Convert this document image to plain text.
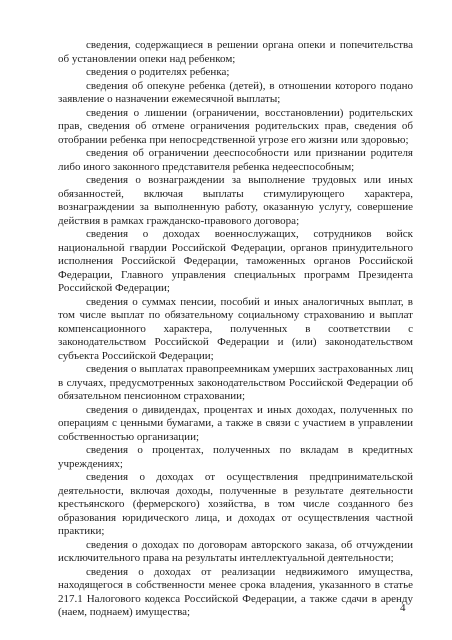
сведения, содержащиеся в решении органа опеки и попечительства об установлении опеки над ребенком;

сведения о родителях ребенка;

сведения об опекуне ребенка (детей), в отношении которого подано заявление о назначении ежемесячной выплаты;

сведения о лишении (ограничении, восстановлении) родительских прав, сведения об отмене ограничения родительских прав, сведения об отобрании ребенка при непосредственной угрозе его жизни или здоровью;

сведения об ограничении дееспособности или признании родителя либо иного законного представителя ребенка недееспособным;

сведения о вознаграждении за выполнение трудовых или иных обязанностей, включая выплаты стимулирующего характера, вознаграждении за выполненную работу, оказанную услугу, совершение действия в рамках гражданско-правового договора;

сведения о доходах военнослужащих, сотрудников войск национальной гвардии Российской Федерации, органов принудительного исполнения Российской Федерации, таможенных органов Российской Федерации, Главного управления специальных программ Президента Российской Федерации;

сведения о суммах пенсии, пособий и иных аналогичных выплат, в том числе выплат по обязательному социальному страхованию и выплат компенсационного характера, полученных в соответствии с законодательством Российской Федерации и (или) законодательством субъекта Российской Федерации;

сведения о выплатах правопреемникам умерших застрахованных лиц в случаях, предусмотренных законодательством Российской Федерации об обязательном пенсионном страховании;

сведения о дивидендах, процентах и иных доходах, полученных по операциям с ценными бумагами, а также в связи с участием в управлении собственностью организации;

сведения о процентах, полученных по вкладам в кредитных учреждениях;

сведения о доходах от осуществления предпринимательской деятельности, включая доходы, полученные в результате деятельности крестьянского (фермерского) хозяйства, в том числе созданного без образования юридического лица, и доходах от осуществления частной практики;

сведения о доходах по договорам авторского заказа, об отчуждении исключительного права на результаты интеллектуальной деятельности;

сведения о доходах от реализации недвижимого имущества, находящегося в собственности менее срока владения, указанного в статье 217.1 Налогового кодекса Российской Федерации, а также сдачи в аренду (наем, поднаем) имущества;	4
